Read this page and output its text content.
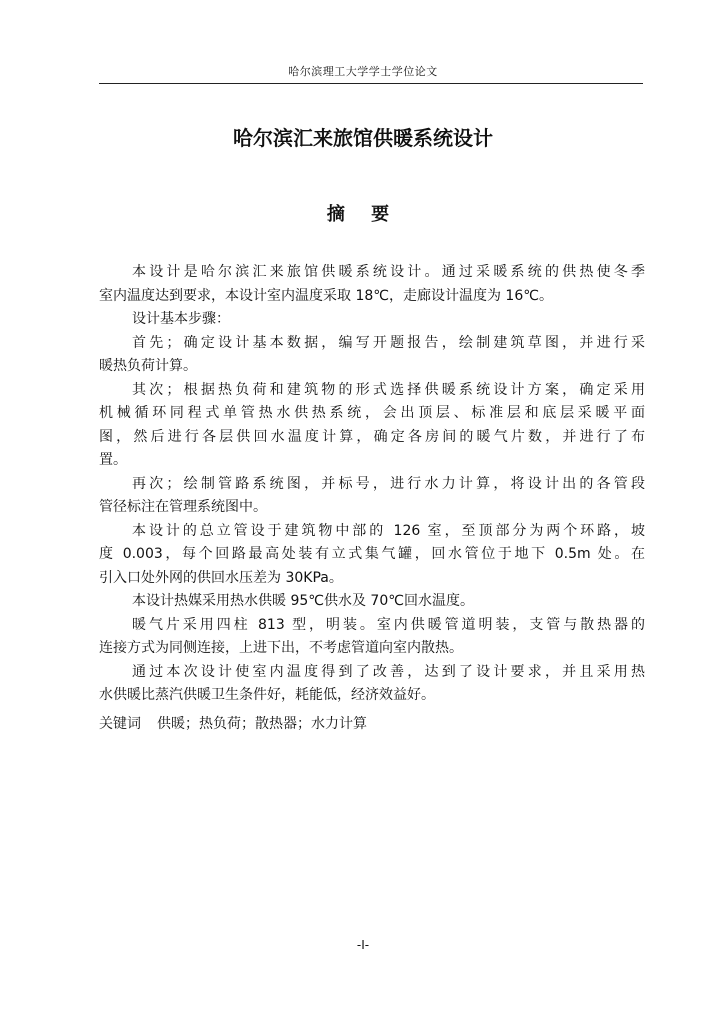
哈尔滨理工大学学士学位论文
哈尔滨汇来旅馆供暖系统设计
摘 要
本设计是哈尔滨汇来旅馆供暖系统设计。通过采暖系统的供热使冬季
室内温度达到要求，本设计室内温度采取 18℃，走廊设计温度为 16℃。
设计基本步骤：
首先；确定设计基本数据，编写开题报告，绘制建筑草图，并进行采
暖热负荷计算。
其次；根据热负荷和建筑物的形式选择供暖系统设计方案，确定采用
机械循环同程式单管热水供热系统，会出顶层、标准层和底层采暖平面
图，然后进行各层供回水温度计算，确定各房间的暖气片数，并进行了布
置。
再次；绘制管路系统图，并标号，进行水力计算，将设计出的各管段
管径标注在管理系统图中。
本设计的总立管设于建筑物中部的 126 室，至顶部分为两个环路，坡
度 0.003，每个回路最高处装有立式集气罐，回水管位于地下 0.5m 处。在
引入口处外网的供回水压差为 30KPa。
本设计热媒采用热水供暖 95℃供水及 70℃回水温度。
暖气片采用四柱 813 型，明装。室内供暖管道明装，支管与散热器的
连接方式为同侧连接，上进下出，不考虑管道向室内散热。
通过本次设计使室内温度得到了改善，达到了设计要求，并且采用热
水供暖比蒸汽供暖卫生条件好，耗能低，经济效益好。
关键词 供暖；热负荷；散热器；水力计算
-I-
